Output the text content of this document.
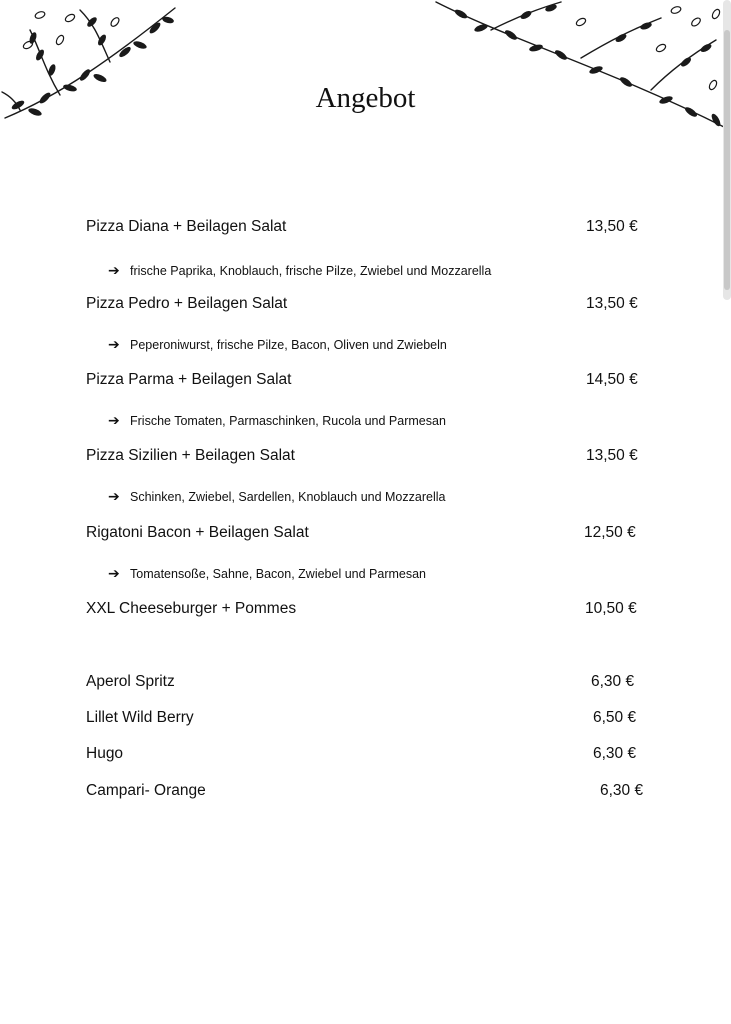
Angebot
Pizza Diana + Beilagen Salat	13,50 €
➔ frische Paprika, Knoblauch, frische Pilze, Zwiebel und Mozzarella
Pizza Pedro + Beilagen Salat	13,50 €
➔ Peperoniwurst, frische Pilze, Bacon, Oliven und Zwiebeln
Pizza Parma + Beilagen Salat	14,50 €
➔ Frische Tomaten, Parmaschinken, Rucola und Parmesan
Pizza Sizilien + Beilagen Salat	13,50 €
➔ Schinken, Zwiebel, Sardellen, Knoblauch und Mozzarella
Rigatoni Bacon + Beilagen Salat	12,50 €
➔ Tomatensoße, Sahne, Bacon, Zwiebel und Parmesan
XXL Cheeseburger + Pommes	10,50 €
Aperol Spritz	6,30 €
Lillet Wild Berry	6,50 €
Hugo	6,30 €
Campari- Orange	6,30 €
